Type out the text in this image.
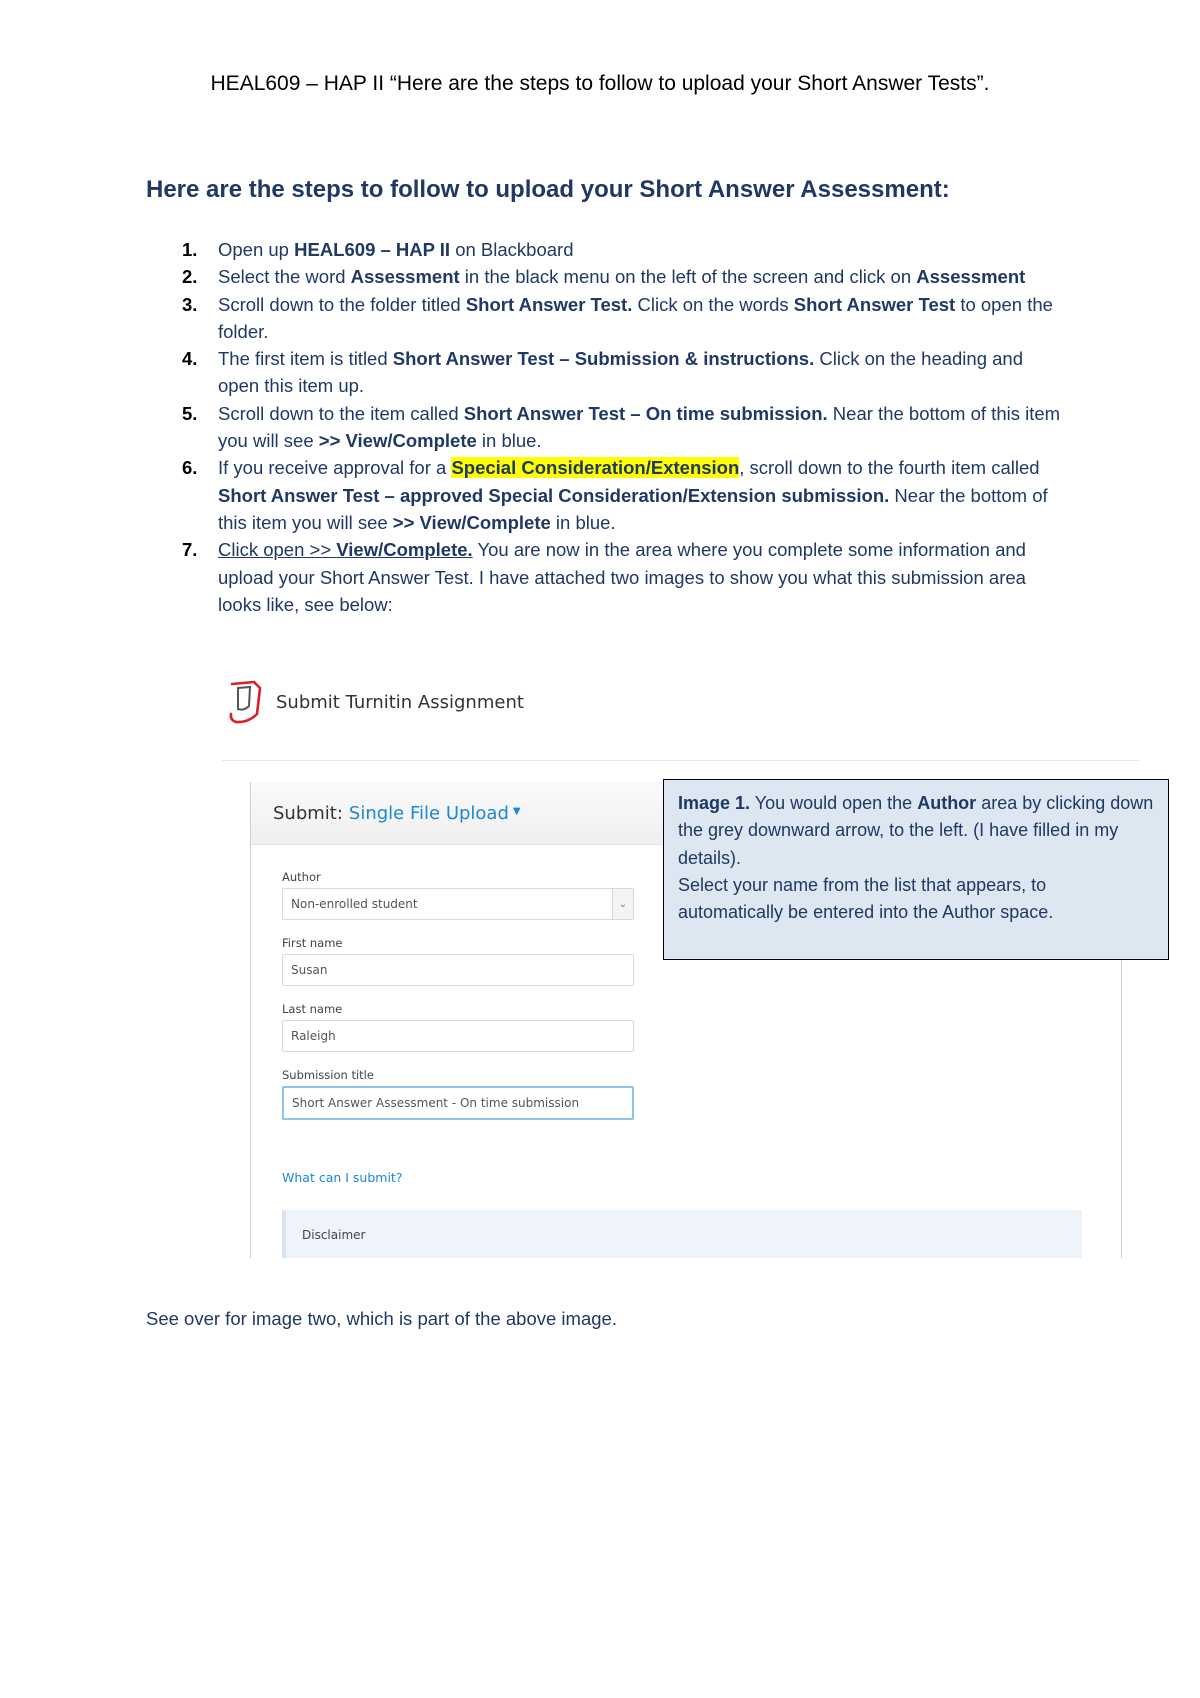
HEAL609 – HAP II “Here are the steps to follow to upload your Short Answer Tests”.
Here are the steps to follow to upload your Short Answer Assessment:
1. Open up HEAL609 – HAP II on Blackboard
2. Select the word Assessment in the black menu on the left of the screen and click on Assessment
3. Scroll down to the folder titled Short Answer Test. Click on the words Short Answer Test to open the folder.
4. The first item is titled Short Answer Test – Submission & instructions. Click on the heading and open this item up.
5. Scroll down to the item called Short Answer Test – On time submission. Near the bottom of this item you will see >> View/Complete in blue.
6. If you receive approval for a Special Consideration/Extension, scroll down to the fourth item called Short Answer Test – approved Special Consideration/Extension submission. Near the bottom of this item you will see >> View/Complete in blue.
7. Click open >> View/Complete. You are now in the area where you complete some information and upload your Short Answer Test. I have attached two images to show you what this submission area looks like, see below:
Submit Turnitin Assignment
Submit: Single File Upload ▼
Author
Non-enrolled student	⌄
First name
Susan
Last name
Raleigh
Submission title
Short Answer Assessment - On time submission
What can I submit?
Disclaimer
Image 1. You would open the Author area by clicking down the grey downward arrow, to the left. (I have filled in my details).
Select your name from the list that appears, to automatically be entered into the Author space.
See over for image two, which is part of the above image.
